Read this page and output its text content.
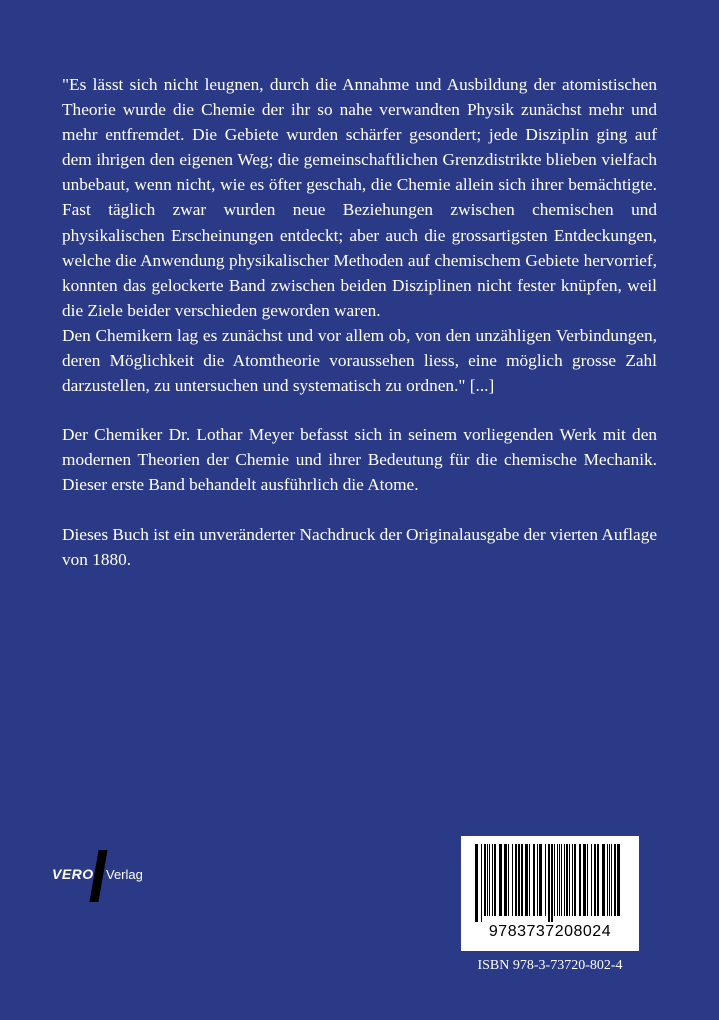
"Es lässt sich nicht leugnen, durch die Annahme und Ausbildung der atomistischen Theorie wurde die Chemie der ihr so nahe verwandten Physik zunächst mehr und mehr entfremdet. Die Gebiete wurden schärfer gesondert; jede Disziplin ging auf dem ihrigen den eigenen Weg; die gemeinschaftlichen Grenzdistrikte blieben vielfach unbebaut, wenn nicht, wie es öfter geschah, die Chemie allein sich ihrer bemächtigte. Fast täglich zwar wurden neue Beziehungen zwischen chemischen und physikalischen Erscheinungen entdeckt; aber auch die grossartigsten Entdeckungen, welche die Anwendung physikalischer Methoden auf chemischem Gebiete hervorrief, konnten das gelockerte Band zwischen beiden Disziplinen nicht fester knüpfen, weil die Ziele beider verschieden geworden waren.

Den Chemikern lag es zunächst und vor allem ob, von den unzähligen Verbindungen, deren Möglichkeit die Atomtheorie voraussehen liess, eine möglich grosse Zahl darzustellen, zu untersuchen und systematisch zu ordnen." [...]

Der Chemiker Dr. Lothar Meyer befasst sich in seinem vorliegenden Werk mit den modernen Theorien der Chemie und ihrer Bedeutung für die chemische Mechanik. Dieser erste Band behandelt ausführlich die Atome.

Dieses Buch ist ein unveränderter Nachdruck der Originalausgabe der vierten Auflage von 1880.

VERO Verlag
9783737208024
ISBN 978-3-73720-802-4
